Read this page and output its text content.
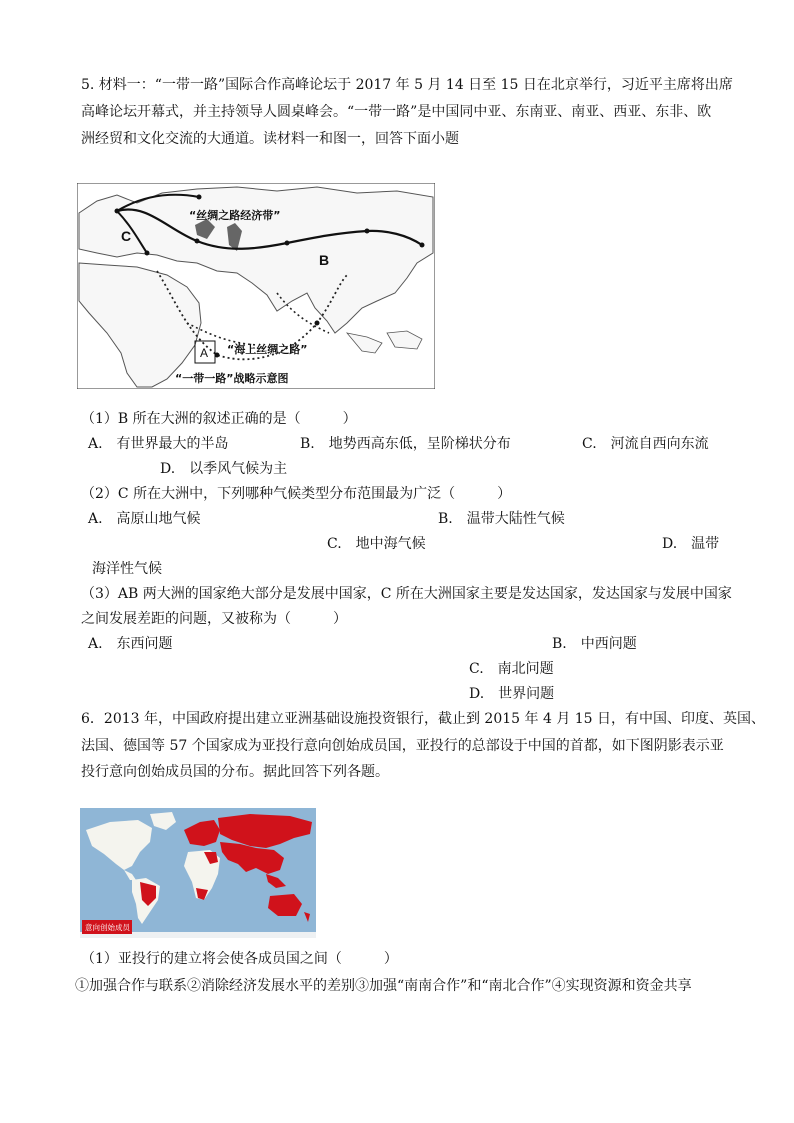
5. 材料一：“一带一路”国际合作高峰论坛于 2017 年 5 月 14 日至 15 日在北京举行，习近平主席将出席
高峰论坛开幕式，并主持领导人圆桌峰会。“一带一路”是中国同中亚、东南亚、南亚、西亚、东非、欧
洲经贸和文化交流的大通道。读材料一和图一，回答下面小题
C
B
A
“丝绸之路经济带”
“海上丝绸之路”
“一带一路”战略示意图
（1）B 所在大洲的叙述正确的是（　　　）
A.　有世界最大的半岛	B.　地势西高东低，呈阶梯状分布	C.　河流自西向东流
D.　以季风气候为主
（2）C 所在大洲中，下列哪种气候类型分布范围最为广泛（　　　）
A.　高原山地气候	B.　温带大陆性气候
C.　地中海气候	D.　温带
海洋性气候
（3）AB 两大洲的国家绝大部分是发展中国家，C 所在大洲国家主要是发达国家，发达国家与发展中国家
之间发展差距的问题，又被称为（　　　）
A.　东西问题	B.　中西问题
C.　南北问题
D.　世界问题
6．2013 年，中国政府提出建立亚洲基础设施投资银行，截止到 2015 年 4 月 15 日，有中国、印度、英国、
法国、德国等 57 个国家成为亚投行意向创始成员国，亚投行的总部设于中国的首都，如下图阴影表示亚
投行意向创始成员国的分布。据此回答下列各题。
意向创始成员
（1）亚投行的建立将会使各成员国之间（　　　）
①加强合作与联系②消除经济发展水平的差别③加强“南南合作”和“南北合作”④实现资源和资金共享
